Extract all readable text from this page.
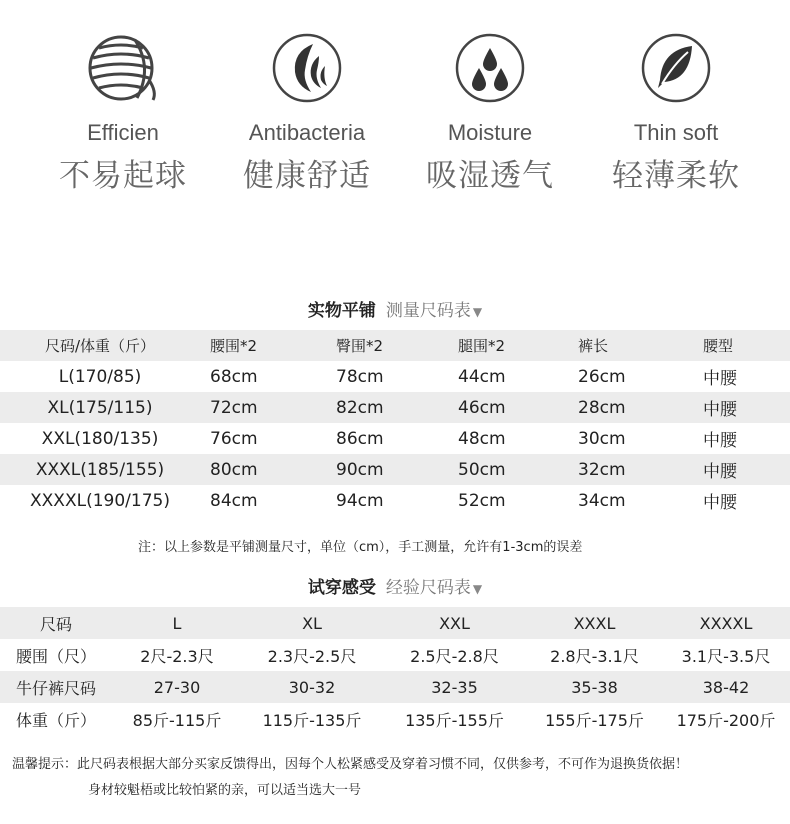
Efficien
不易起球
Antibacteria
健康舒适
Moisture
吸湿透气
Thin soft
轻薄柔软
实物平铺 测量尺码表 ▼
尺码/体重（斤）	腰围*2	臀围*2	腿围*2	裤长	腰型
L(170/85)	68cm	78cm	44cm	26cm	中腰
XL(175/115)	72cm	82cm	46cm	28cm	中腰
XXL(180/135)	76cm	86cm	48cm	30cm	中腰
XXXL(185/155)	80cm	90cm	50cm	32cm	中腰
XXXXL(190/175)	84cm	94cm	52cm	34cm	中腰
注：以上参数是平铺测量尺寸，单位（cm），手工测量，允许有1-3cm的误差
试穿感受 经验尺码表 ▼
尺码	L	XL	XXL	XXXL	XXXXL
腰围（尺）	2尺-2.3尺	2.3尺-2.5尺	2.5尺-2.8尺	2.8尺-3.1尺	3.1尺-3.5尺
牛仔裤尺码	27-30	30-32	32-35	35-38	38-42
体重（斤）	85斤-115斤	115斤-135斤	135斤-155斤	155斤-175斤	175斤-200斤
温馨提示：此尺码表根据大部分买家反馈得出，因每个人松紧感受及穿着习惯不同，仅供参考，不可作为退换货依据！
身材较魁梧或比较怕紧的亲，可以适当选大一号
